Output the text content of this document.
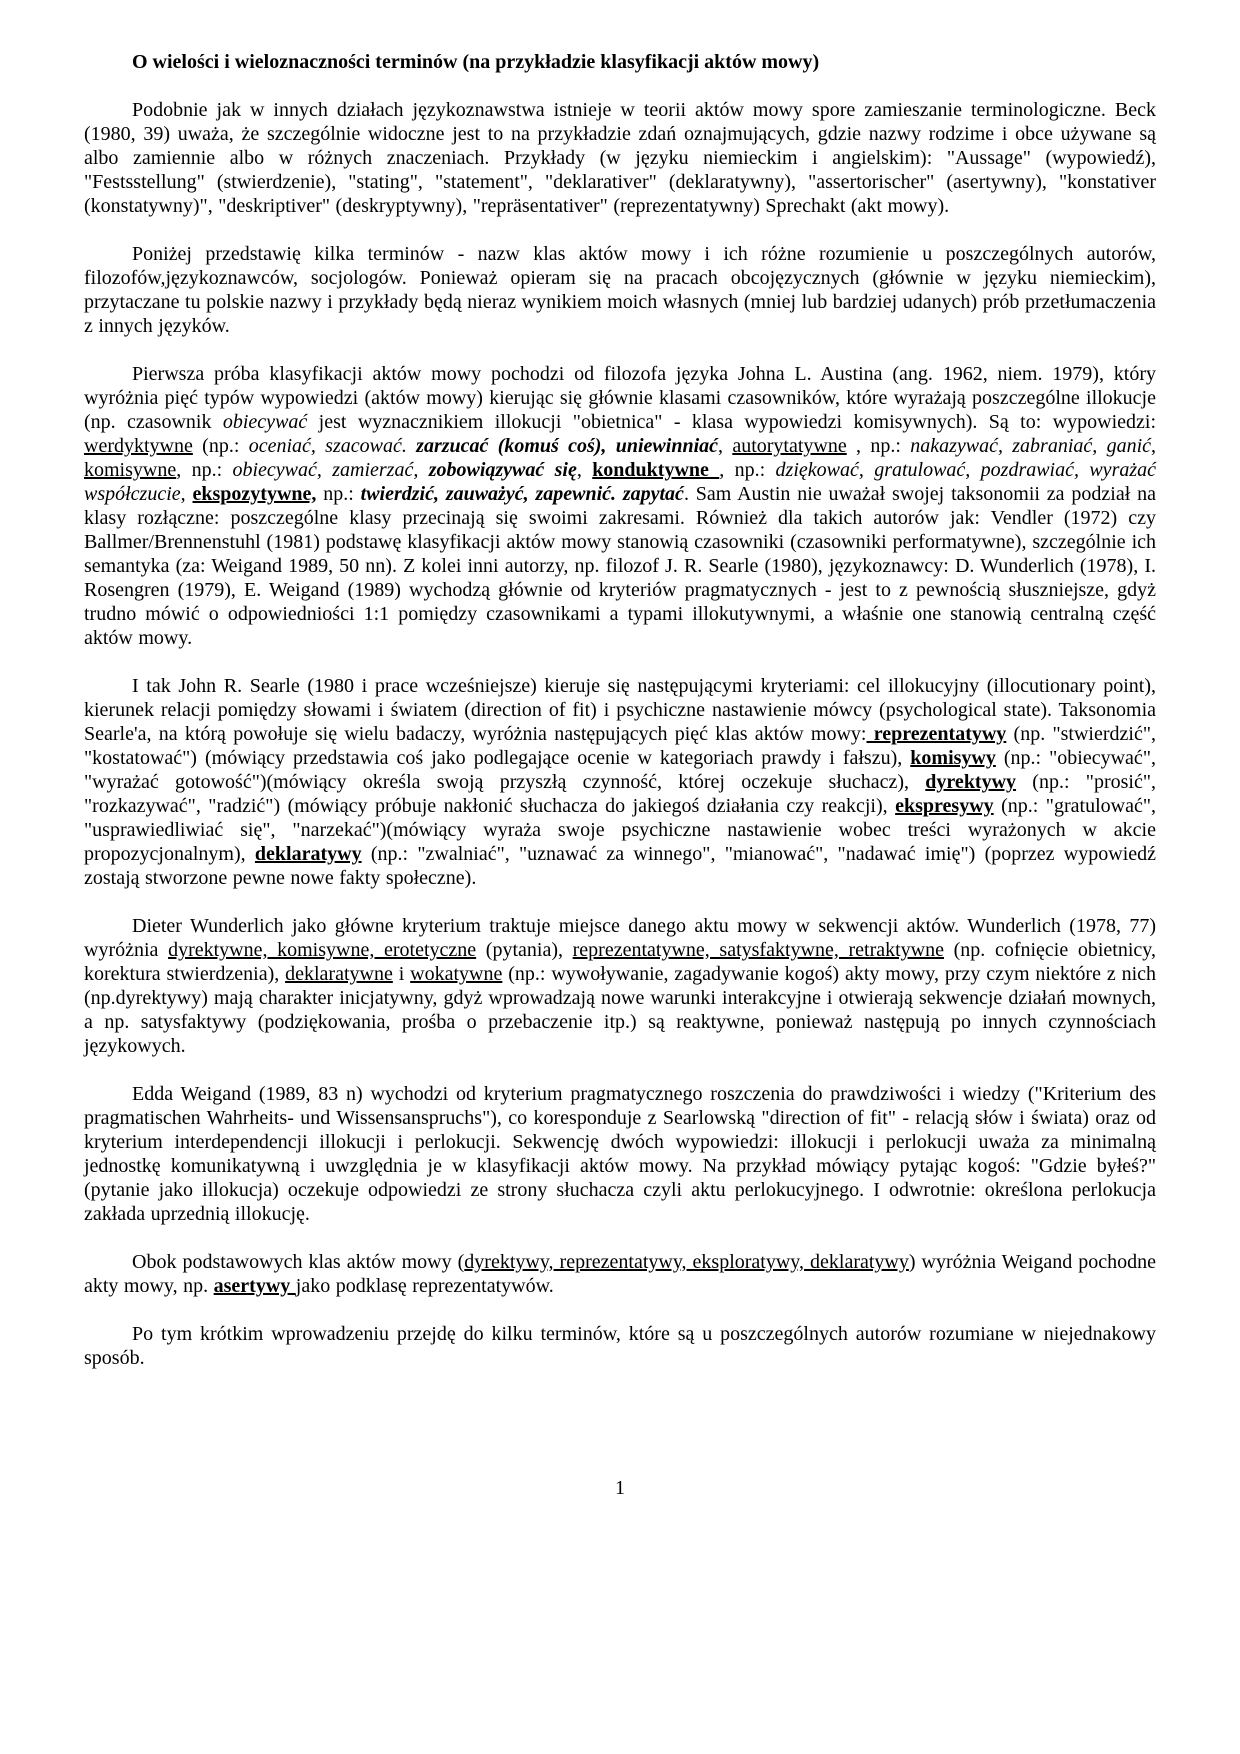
O wielości i wieloznaczności terminów (na przykładzie klasyfikacji aktów mowy)

Podobnie jak w innych działach językoznawstwa istnieje w teorii aktów mowy spore zamieszanie terminologiczne. Beck (1980, 39) uważa, że szczególnie widoczne jest to na przykładzie zdań oznajmujących, gdzie nazwy rodzime i obce używane są albo zamiennie albo w różnych znaczeniach. Przykłady (w języku niemieckim i angielskim): "Aussage" (wypowiedź), "Festsstellung" (stwierdzenie), "stating", "statement", "deklarativer" (deklaratywny), "assertorischer" (asertywny), "konstativer (konstatywny)", "deskriptiver" (deskryptywny), "repräsentativer" (reprezentatywny) Sprechakt (akt mowy).

Poniżej przedstawię kilka terminów - nazw klas aktów mowy i ich różne rozumienie u poszczególnych autorów, filozofów,językoznawców, socjologów. Ponieważ opieram się na pracach obcojęzycznych (głównie w języku niemieckim), przytaczane tu polskie nazwy i przykłady będą nieraz wynikiem moich własnych (mniej lub bardziej udanych) prób przetłumaczenia z innych języków.

Pierwsza próba klasyfikacji aktów mowy pochodzi od filozofa języka Johna L. Austina (ang. 1962, niem. 1979), który wyróżnia pięć typów wypowiedzi (aktów mowy) kierując się głównie klasami czasowników, które wyrażają poszczególne illokucje (np. czasownik obiecywać jest wyznacznikiem illokucji "obietnica" - klasa wypowiedzi komisywnych). Są to: wypowiedzi: werdyktywne (np.: oceniać, szacować. zarzucać (komuś coś), uniewinniać, autorytatywne , np.: nakazywać, zabraniać, ganić, komisywne, np.: obiecywać, zamierzać, zobowiązywać się, konduktywne , np.: dziękować, gratulować, pozdrawiać, wyrażać współczucie, ekspozytywne, np.: twierdzić, zauważyć, zapewnić. zapytać. Sam Austin nie uważał swojej taksonomii za podział na klasy rozłączne: poszczególne klasy przecinają się swoimi zakresami. Również dla takich autorów jak: Vendler (1972) czy Ballmer/Brennenstuhl (1981) podstawę klasyfikacji aktów mowy stanowią czasowniki (czasowniki performatywne), szczególnie ich semantyka (za: Weigand 1989, 50 nn). Z kolei inni autorzy, np. filozof J. R. Searle (1980), językoznawcy: D. Wunderlich (1978), I. Rosengren (1979), E. Weigand (1989) wychodzą głównie od kryteriów pragmatycznych - jest to z pewnością słuszniejsze, gdyż trudno mówić o odpowiedniości 1:1 pomiędzy czasownikami a typami illokutywnymi, a właśnie one stanowią centralną część aktów mowy.

I tak John R. Searle (1980 i prace wcześniejsze) kieruje się następującymi kryteriami: cel illokucyjny (illocutionary point), kierunek relacji pomiędzy słowami i światem (direction of fit) i psychiczne nastawienie mówcy (psychological state). Taksonomia Searle'a, na którą powołuje się wielu badaczy, wyróżnia następujących pięć klas aktów mowy: reprezentatywy (np. "stwierdzić", "kostatować") (mówiący przedstawia coś jako podlegające ocenie w kategoriach prawdy i fałszu), komisywy (np.: "obiecywać", "wyrażać gotowość")(mówiący określa swoją przyszłą czynność, której oczekuje słuchacz), dyrektywy (np.: "prosić", "rozkazywać", "radzić") (mówiący próbuje nakłonić słuchacza do jakiegoś działania czy reakcji), ekspresywy (np.: "gratulować", "usprawiedliwiać się", "narzekać")(mówiący wyraża swoje psychiczne nastawienie wobec treści wyrażonych w akcie propozycjonalnym), deklaratywy (np.: "zwalniać", "uznawać za winnego", "mianować", "nadawać imię") (poprzez wypowiedź zostają stworzone pewne nowe fakty społeczne).

Dieter Wunderlich jako główne kryterium traktuje miejsce danego aktu mowy w sekwencji aktów. Wunderlich (1978, 77) wyróżnia dyrektywne, komisywne, erotetyczne (pytania), reprezentatywne, satysfaktywne, retraktywne (np. cofnięcie obietnicy, korektura stwierdzenia), deklaratywne i wokatywne (np.: wywoływanie, zagadywanie kogoś) akty mowy, przy czym niektóre z nich (np.dyrektywy) mają charakter inicjatywny, gdyż wprowadzają nowe warunki interakcyjne i otwierają sekwencje działań mownych, a np. satysfaktywy (podziękowania, prośba o przebaczenie itp.) są reaktywne, ponieważ następują po innych czynnościach językowych.

Edda Weigand (1989, 83 n) wychodzi od kryterium pragmatycznego roszczenia do prawdziwości i wiedzy ("Kriterium des pragmatischen Wahrheits- und Wissensanspruchs"), co koresponduje z Searlowską "direction of fit" - relacją słów i świata) oraz od kryterium interdependencji illokucji i perlokucji. Sekwencję dwóch wypowiedzi: illokucji i perlokucji uważa za minimalną jednostkę komunikatywną i uwzględnia je w klasyfikacji aktów mowy. Na przykład mówiący pytając kogoś: "Gdzie byłeś?" (pytanie jako illokucja) oczekuje odpowiedzi ze strony słuchacza czyli aktu perlokucyjnego. I odwrotnie: określona perlokucja zakłada uprzednią illokucję.

Obok podstawowych klas aktów mowy (dyrektywy, reprezentatywy, eksploratywy, deklaratywy) wyróżnia Weigand pochodne akty mowy, np. asertywy jako podklasę reprezentatywów.

Po tym krótkim wprowadzeniu przejdę do kilku terminów, które są u poszczególnych autorów rozumiane w niejednakowy sposób.

1
